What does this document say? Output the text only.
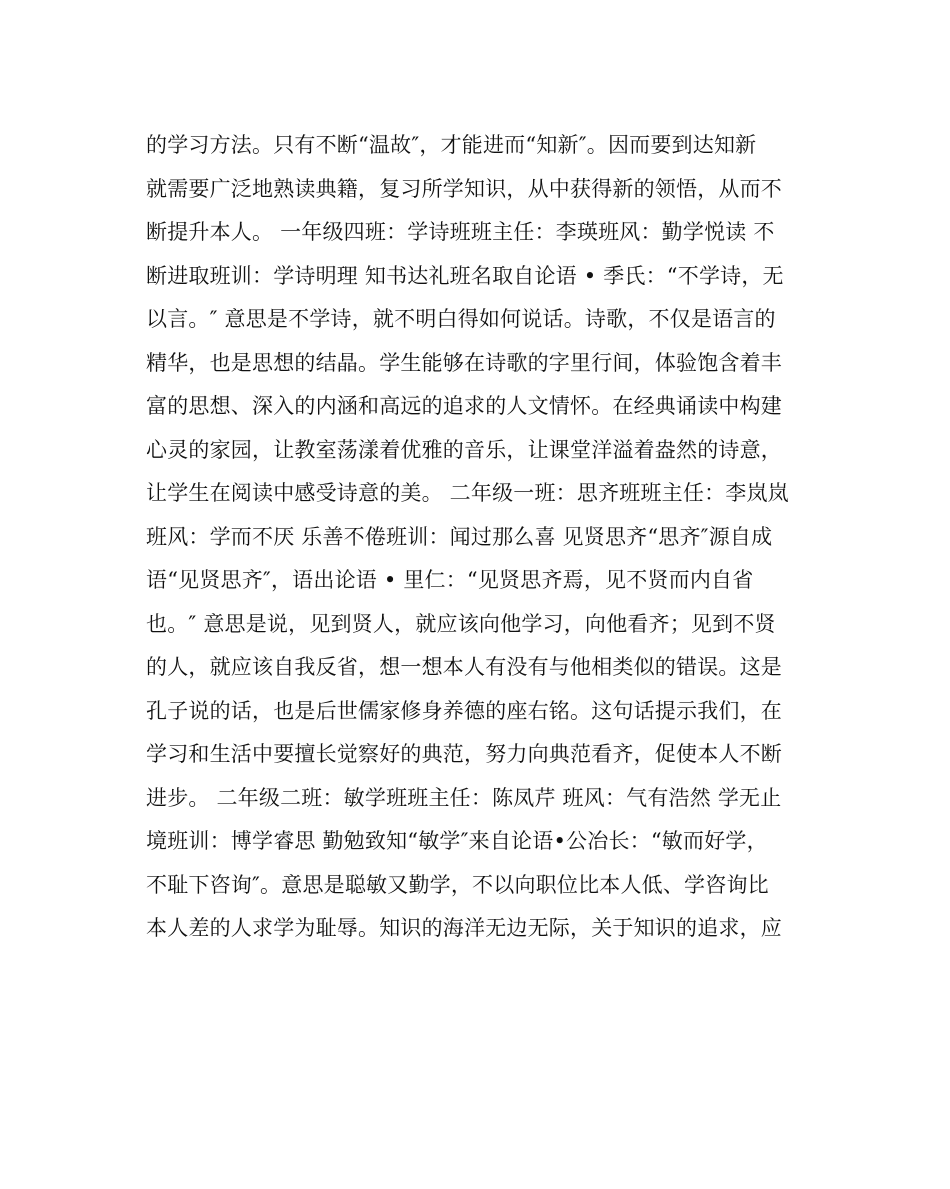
的学习方法。只有不断“温故″，才能进而“知新″。因而要到达知新
就需要广泛地熟读典籍，复习所学知识，从中获得新的领悟，从而不
断提升本人。 一年级四班：学诗班班主任：李瑛班风：勤学悦读 不
断进取班训：学诗明理 知书达礼班名取自论语 • 季氏：“不学诗，无
以言。″ 意思是不学诗，就不明白得如何说话。诗歌，不仅是语言的
精华，也是思想的结晶。学生能够在诗歌的字里行间，体验饱含着丰
富的思想、深入的内涵和高远的追求的人文情怀。在经典诵读中构建
心灵的家园，让教室荡漾着优雅的音乐，让课堂洋溢着盎然的诗意，
让学生在阅读中感受诗意的美。 二年级一班：思齐班班主任：李岚岚
班风：学而不厌 乐善不倦班训：闻过那么喜 见贤思齐“思齐″源自成
语“见贤思齐″，语出论语 • 里仁：“见贤思齐焉，见不贤而内自省
也。″ 意思是说，见到贤人，就应该向他学习，向他看齐；见到不贤
的人，就应该自我反省，想一想本人有没有与他相类似的错误。这是
孔子说的话，也是后世儒家修身养德的座右铭。这句话提示我们，在
学习和生活中要擅长觉察好的典范，努力向典范看齐，促使本人不断
进步。 二年级二班：敏学班班主任：陈凤芹 班风：气有浩然 学无止
境班训：博学睿思 勤勉致知“敏学″来自论语•公冶长：“敏而好学，
不耻下咨询″。意思是聪敏又勤学，不以向职位比本人低、学咨询比
本人差的人求学为耻辱。知识的海洋无边无际，关于知识的追求，应
